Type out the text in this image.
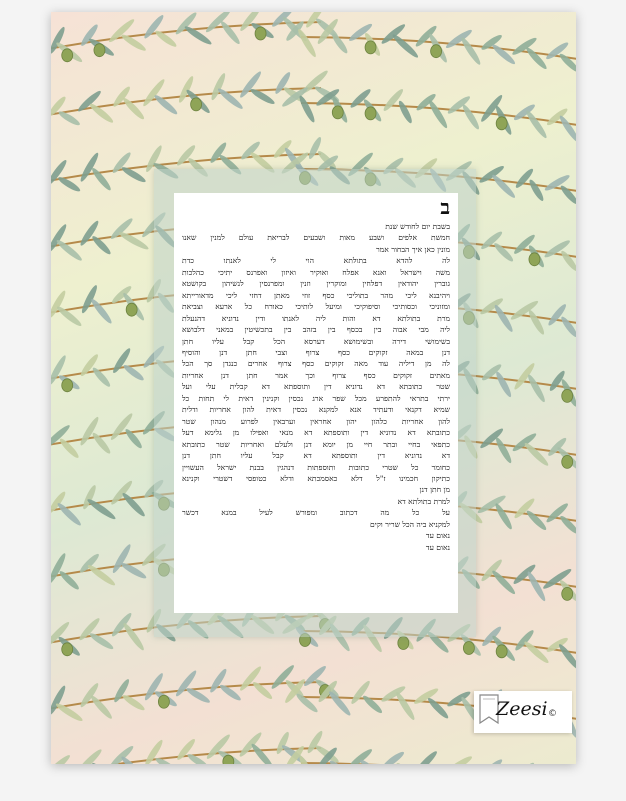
ב
בשבת יום לחודש שנת
חמשת אלפים ושבע מאות ושבעים לבריאת עולם למנין שאנו
מונין כאן איך הבחור אמר
לה להדא בתולתא הוי לי לאנתו כדת
משה וישראל ואנא אפלח ואוקיר ואיזון ואפרנס יתיכי כהלכות
גוברין יהודאין דפלחין ומוקרין וזנין ומפרנסין לנשיהון בקושטא
ויהיבנא ליכי מהר בתוליכי כסף זוזי מאתן דחזי ליכי מדאורייתא
ומזוניכי וכסותיכי וסיפוקיכי ומיעל לותיכי כאורח כל ארעא וצביאת
מרת בתולתא דא והות ליה לאנתו ודין נדוניא דהנעלת
ליה מבי אבוה בין בכסף בין בזהב בין בתכשיטין במאני דלבושא
בשימושי דירה ובשימושא דערסא הכל קבל עליו חתן
דנן במאה זקוקים כסף צרוף וצבי חתן דנן והוסיף
לה מן דיליה עוד מאה זקוקים כסף צרוף אחרים כנגדן סך הכל
מאתים זקוקים כסף צרוף וכך אמר חתן דנן אחריות
שטר כתובתא דא נדוניא דין ותוספתא דא קבלית עלי ועל
ירתי בתראי להתפרע מכל שפר ארג נכסין וקנינין דאית לי תחות כל
שמיא דקנאי ודעתיד אנא למקנא נכסין דאית להון אחריות ודלית
להון אחריות כלהון יהון אחראין וערבאין לפרוע מנהון שטר
כתובתא דא נדוניא דין ותוספתא דא מנאי ואפילו מן גלימא דעל
כתפאי בחיי ובתר חיי מן יומא דנן ולעלם ואחריות שטר כתובתא
דא נדוניא דין ותוספתא דא קבל עליו חתן דנן
כחומר כל שטרי כתובות ותוספתות דנהגין בבנת ישראל העשויין
כתיקון חכמינו ז"ל דלא כאסמכתא ודלא כטופסי דשטרי וקנינא
מן חתן דנן
למרת בתולתא דא
על כל מה דכתוב ומפורש לעיל במנא דכשר
למקניא ביה הכל שריר וקים
נאום עד
נאום עד
Zeesi ©
